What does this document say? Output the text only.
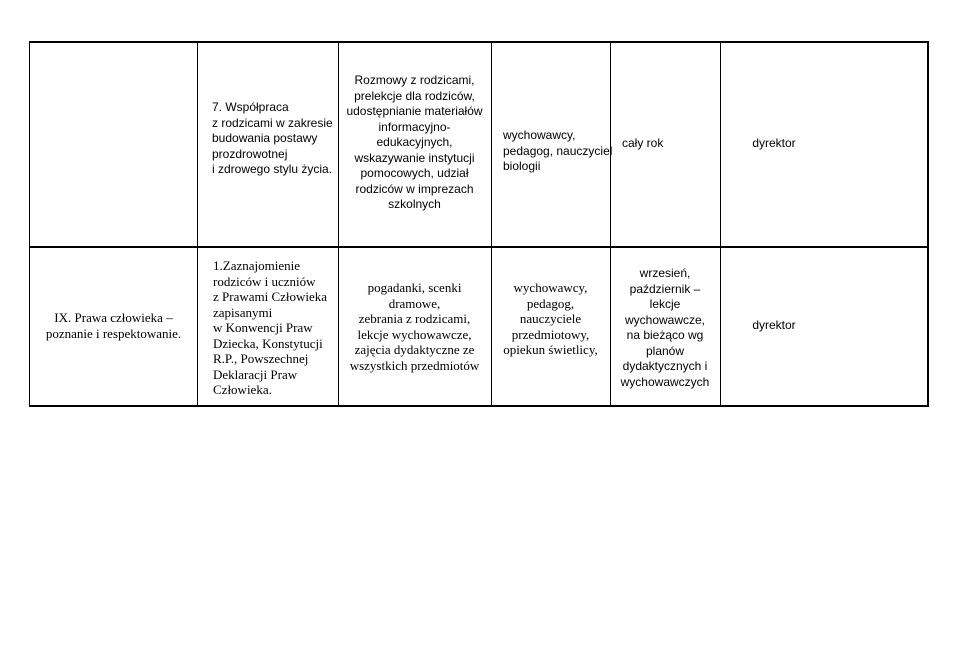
7. Współpraca
z rodzicami w zakresie
budowania postawy
prozdrowotnej
i zdrowego stylu życia.
Rozmowy z rodzicami,
prelekcje dla rodziców,
udostępnianie materiałów
informacyjno-
edukacyjnych,
wskazywanie instytucji
pomocowych, udział
rodziców w imprezach
szkolnych
wychowawcy,
pedagog, nauczyciel
biologii
cały rok	dyrektor
IX. Prawa człowieka –
poznanie i respektowanie.
1.Zaznajomienie
rodziców i uczniów
z Prawami Człowieka
zapisanymi
w Konwencji Praw
Dziecka, Konstytucji
R.P., Powszechnej
Deklaracji Praw
Człowieka.
pogadanki, scenki
dramowe,
zebrania z rodzicami,
lekcje wychowawcze,
zajęcia dydaktyczne ze
wszystkich przedmiotów
wychowawcy,
pedagog,
nauczyciele
przedmiotowy,
opiekun świetlicy,
wrzesień,
październik –
lekcje
wychowawcze,
na bieżąco wg
planów
dydaktycznych i
wychowawczych
dyrektor
